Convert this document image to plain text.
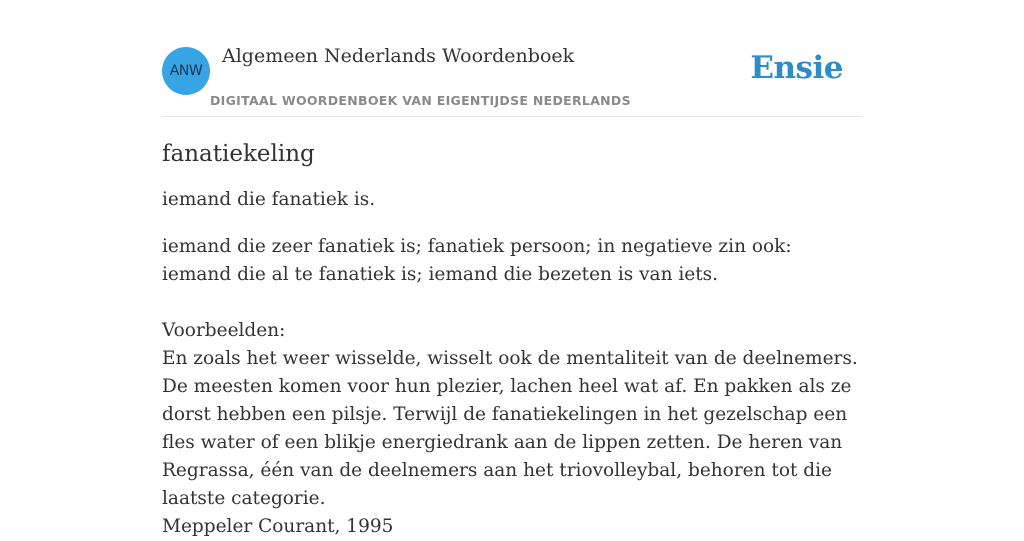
ANW
Algemeen Nederlands Woordenboek
DIGITAAL WOORDENBOEK VAN EIGENTIJDSE NEDERLANDS
Ensie
fanatiekeling

iemand die fanatiek is.

iemand die zeer fanatiek is; fanatiek persoon; in negatieve zin ook: iemand die al te fanatiek is; iemand die bezeten is van iets.

Voorbeelden:
En zoals het weer wisselde, wisselt ook de mentaliteit van de deelnemers. De meesten komen voor hun plezier, lachen heel wat af. En pakken als ze dorst hebben een pilsje. Terwijl de fanatiekelingen in het gezelschap een fles water of een blikje energiedrank aan de lippen zetten. De heren van Regrassa, één van de deelnemers aan het triovolleybal, behoren tot die laatste categorie.
Meppeler Courant, 1995
